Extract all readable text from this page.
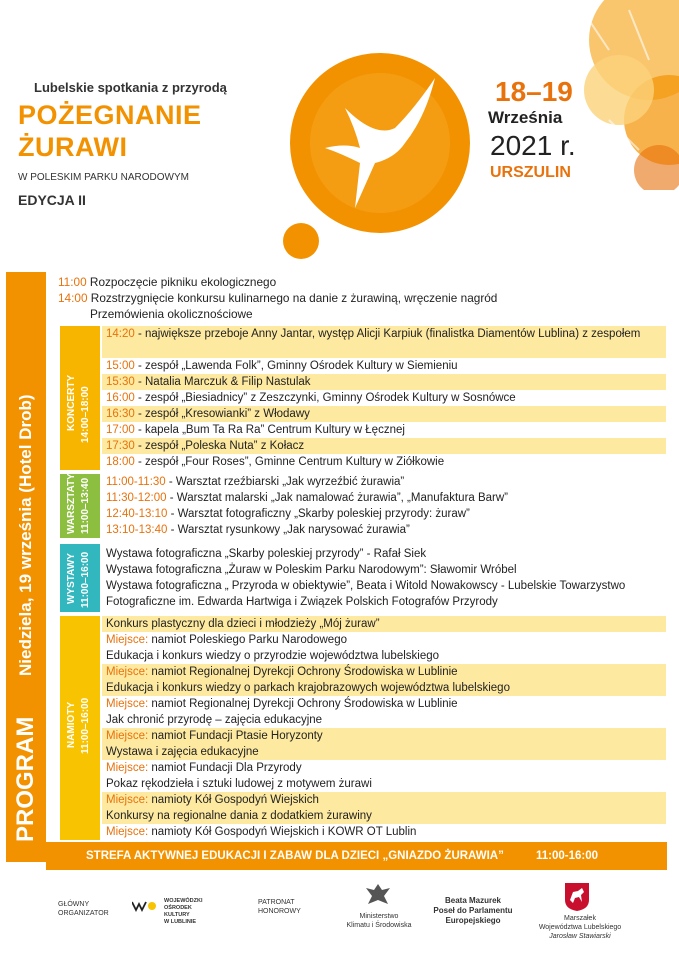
Lubelskie spotkania z przyrodą
POŻEGNANIE
ŻURAWI
W POLESKIM PARKU NARODOWYM
EDYCJA II
18–19
Września
2021 r.
URSZULIN
PROGRAM
Niedziela, 19 września (Hotel Drob)
11:00 Rozpoczęcie pikniku ekologicznego
14:00 Rozstrzygnięcie konkursu kulinarnego na danie z żurawiną, wręczenie nagród
Przemówienia okolicznościowe
KONCERTY 14:00–18:00
14:20 - największe przeboje Anny Jantar, występ Alicji Karpiuk (finalistka Diamentów Lublina) z zespołem
15:00 - zespół „Lawenda Folk”, Gminny Ośrodek Kultury w Siemieniu
15:30 - Natalia Marczuk & Filip Nastulak
16:00 - zespół „Biesiadnicy” z Zeszczynki, Gminny Ośrodek Kultury w Sosnówce
16:30 - zespół „Kresowianki” z Włodawy
17:00 - kapela „Bum Ta Ra Ra” Centrum Kultury w Łęcznej
17:30 - zespół „Poleska Nuta” z Kołacz
18:00 - zespół „Four Roses”, Gminne Centrum Kultury w Ziółkowie
WARSZTATY 11:00–13:40	11:00-11:30 - Warsztat rzeźbiarski „Jak wyrzeźbić żurawia”
11:30-12:00 - Warsztat malarski „Jak namalować żurawia”, „Manufaktura Barw”
12:40-13:10 - Warsztat fotograficzny „Skarby poleskiej przyrody: żuraw”
13:10-13:40 - Warsztat rysunkowy „Jak narysować żurawia”
WYSTAWY 11:00–16:00	Wystawa fotograficzna „Skarby poleskiej przyrody” - Rafał Siek
Wystawa fotograficzna „Żuraw w Poleskim Parku Narodowym”: Sławomir Wróbel
Wystawa fotograficzna „ Przyroda w obiektywie”, Beata i Witold Nowakowscy - Lubelskie Towarzystwo Fotograficzne im. Edwarda Hartwiga i Związek Polskich Fotografów Przyrody
NAMIOTY 11:00–16:00
Konkurs plastyczny dla dzieci i młodzieży „Mój żuraw”
Miejsce: namiot Poleskiego Parku Narodowego
Edukacja i konkurs wiedzy o przyrodzie województwa lubelskiego
Miejsce: namiot Regionalnej Dyrekcji Ochrony Środowiska w Lublinie
Edukacja i konkurs wiedzy o parkach krajobrazowych województwa lubelskiego
Miejsce: namiot Regionalnej Dyrekcji Ochrony Środowiska w Lublinie
Jak chronić przyrodę – zajęcia edukacyjne
Miejsce: namiot Fundacji Ptasie Horyzonty
Wystawa i zajęcia edukacyjne
Miejsce: namiot Fundacji Dla Przyrody
Pokaz rękodzieła i sztuki ludowej z motywem żurawi
Miejsce: namioty Kół Gospodyń Wiejskich
Konkursy na regionalne dania z dodatkiem żurawiny
Miejsce: namioty Kół Gospodyń Wiejskich i KOWR OT Lublin
STREFA AKTYWNEJ EDUKACJI I ZABAW DLA DZIECI „GNIAZDO ŻURAWIA”	11:00-16:00
GŁÓWNY
ORGANIZATOR
WOJEWÓDZKI
OŚRODEK
KULTURY
W LUBLINIE
PATRONAT
HONOROWY
Ministerstwo
Klimatu i Środowiska
Beata Mazurek
Poseł do Parlamentu
Europejskiego	Marszałek
Województwa Lubelskiego
Jarosław Stawiarski
